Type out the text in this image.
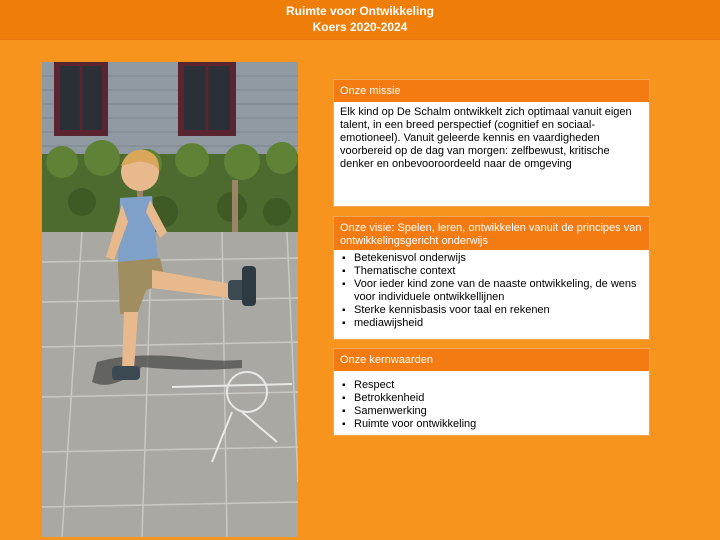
Ruimte voor Ontwikkeling
Koers 2020-2024
Onze missie
Elk kind op De Schalm ontwikkelt zich optimaal vanuit eigen talent, in een breed perspectief (cognitief en sociaal-emotioneel). Vanuit geleerde kennis en vaardigheden voorbereid op de dag van morgen: zelfbewust, kritische denker en onbevooroordeeld naar de omgeving
Onze visie: Spelen, leren, ontwikkelen vanuit de principes van ontwikkelingsgericht onderwijs
▪ Betekenisvol onderwijs
▪ Thematische context
▪ Voor ieder kind zone van de naaste ontwikkeling, de wens voor individuele ontwikkellijnen
▪ Sterke kennisbasis voor taal en rekenen
▪ mediawijsheid
Onze kernwaarden
▪ Respect
▪ Betrokkenheid
▪ Samenwerking
▪ Ruimte voor ontwikkeling
